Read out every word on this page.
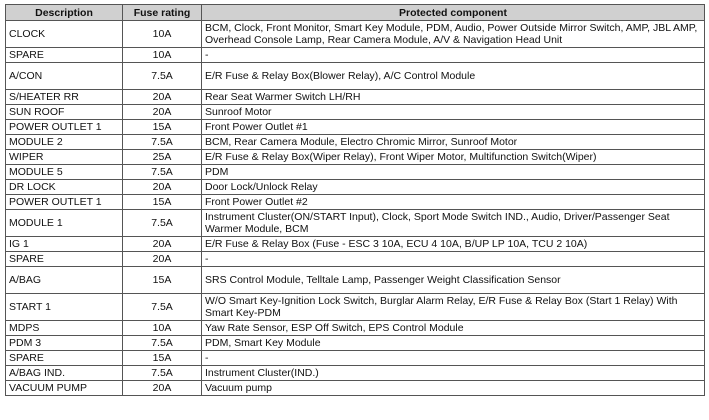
Description	Fuse rating	Protected component
CLOCK	10A	BCM, Clock, Front Monitor, Smart Key Module, PDM, Audio, Power Outside Mirror Switch, AMP, JBL AMP, Overhead Console Lamp, Rear Camera Module, A/V & Navigation Head Unit
SPARE	10A	-
A/CON	7.5A	E/R Fuse & Relay Box(Blower Relay), A/C Control Module
S/HEATER RR	20A	Rear Seat Warmer Switch LH/RH
SUN ROOF	20A	Sunroof Motor
POWER OUTLET 1	15A	Front Power Outlet #1
MODULE 2	7.5A	BCM, Rear Camera Module, Electro Chromic Mirror, Sunroof Motor
WIPER	25A	E/R Fuse & Relay Box(Wiper Relay), Front Wiper Motor, Multifunction Switch(Wiper)
MODULE 5	7.5A	PDM
DR LOCK	20A	Door Lock/Unlock Relay
POWER OUTLET 1	15A	Front Power Outlet #2
MODULE 1	7.5A	Instrument Cluster(ON/START Input), Clock, Sport Mode Switch IND., Audio, Driver/Passenger Seat Warmer Module, BCM
IG 1	20A	E/R Fuse & Relay Box (Fuse - ESC 3 10A, ECU 4 10A, B/UP LP 10A, TCU 2 10A)
SPARE	20A	-
A/BAG	15A	SRS Control Module, Telltale Lamp, Passenger Weight Classification Sensor
START 1	7.5A	W/O Smart Key-Ignition Lock Switch, Burglar Alarm Relay, E/R Fuse & Relay Box (Start 1 Relay) With Smart Key-PDM
MDPS	10A	Yaw Rate Sensor, ESP Off Switch, EPS Control Module
PDM 3	7.5A	PDM, Smart Key Module
SPARE	15A	-
A/BAG IND.	7.5A	Instrument Cluster(IND.)
VACUUM PUMP	20A	Vacuum pump
